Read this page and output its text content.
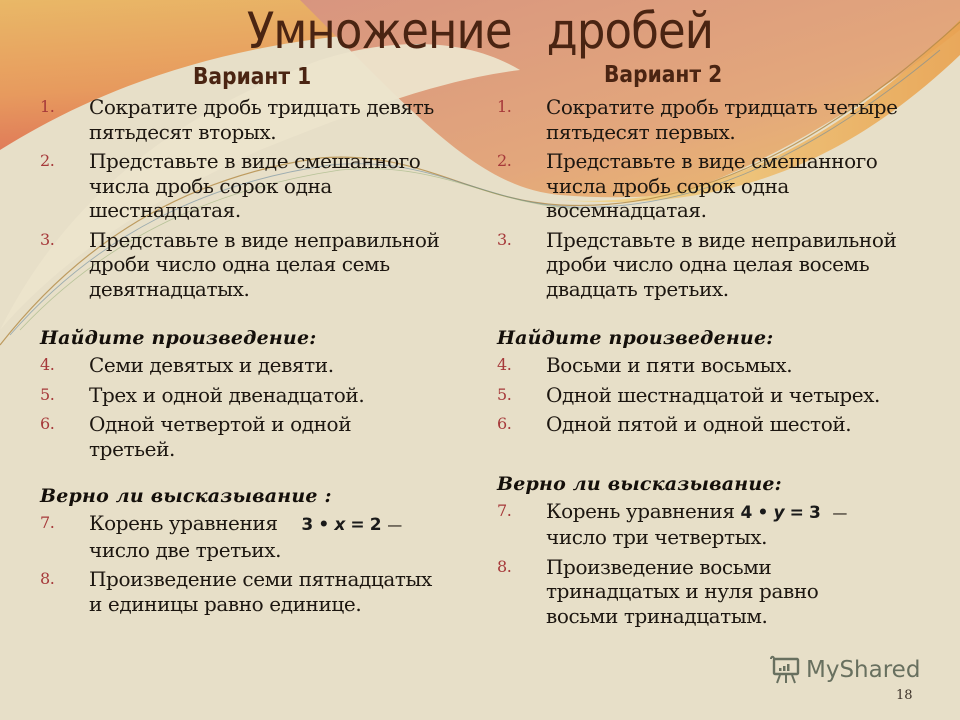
Умножение дробей
Вариант 1	Вариант 2
1. Сократите дробь тридцать девять пятьдесят вторых.
2. Представьте в виде смешанного числа дробь сорок одна шестнадцатая.
3. Представьте в виде неправильной дроби число одна целая семь девятнадцатых.
Найдите произведение:
4. Семи девятых и девяти.
5. Трех и одной двенадцатой.
6. Одной четвертой и одной третьей.
Верно ли высказывание :
7. Корень уравнения 3 • x = 2 —
число две третьих.
8. Произведение семи пятнадцатых и единицы равно единице.
1. Сократите дробь тридцать четыре пятьдесят первых.
2. Представьте в виде смешанного числа дробь сорок одна восемнадцатая.
3. Представьте в виде неправильной дроби число одна целая восемь двадцать третьих.
Найдите произведение:
4. Восьми и пяти восьмых.
5. Одной шестнадцатой и четырех.
6. Одной пятой и одной шестой.
Верно ли высказывание:
7. Корень уравнения 4 • y = 3 —
число три четвертых.
8. Произведение восьми тринадцатых и нуля равно восьми тринадцатым.
MyShared
18
